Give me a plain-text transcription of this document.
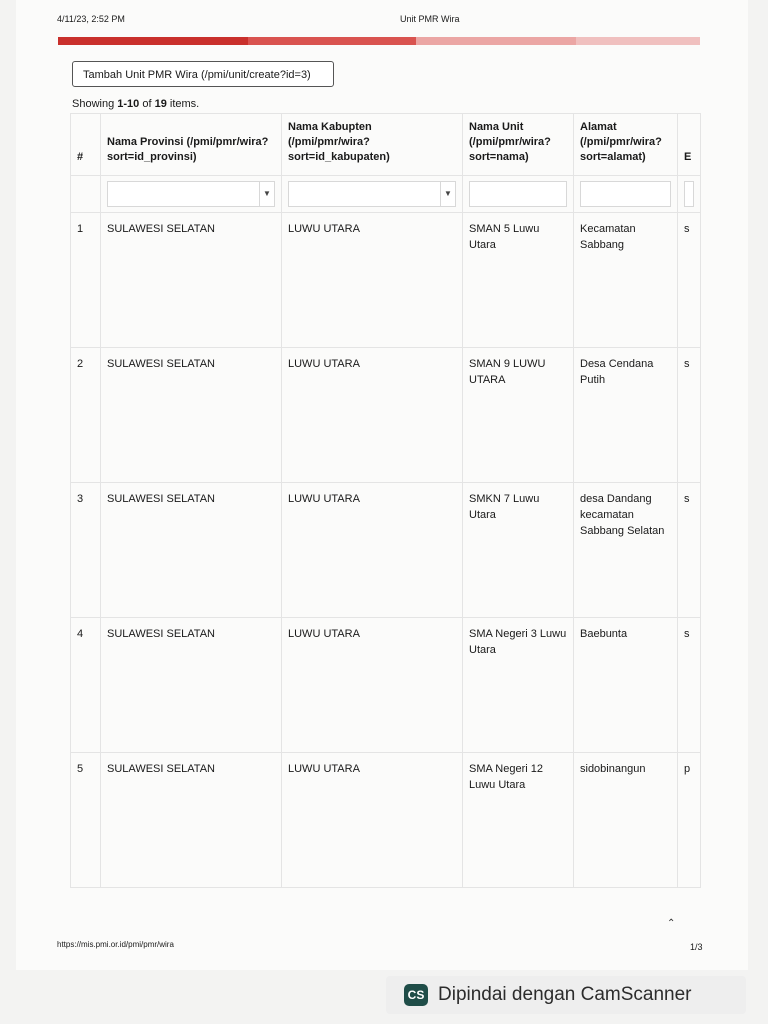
4/11/23, 2:52 PM	Unit PMR Wira
Tambah Unit PMR Wira (/pmi/unit/create?id=3)
Showing 1-10 of 19 items.
#	Nama Provinsi (/pmi/pmr/wira?sort=id_provinsi)	Nama Kabupten (/pmi/pmr/wira?sort=id_kabupaten)	Nama Unit (/pmi/pmr/wira?sort=nama)	Alamat (/pmi/pmr/wira?sort=alamat)	E

	▼	▼			

1	SULAWESI SELATAN	LUWU UTARA	SMAN 5 Luwu Utara	Kecamatan Sabbang	s
2	SULAWESI SELATAN	LUWU UTARA	SMAN 9 LUWU UTARA	Desa Cendana Putih	s
3	SULAWESI SELATAN	LUWU UTARA	SMKN 7 Luwu Utara	desa Dandang kecamatan Sabbang Selatan	s
4	SULAWESI SELATAN	LUWU UTARA	SMA Negeri 3 Luwu Utara	Baebunta	s
5	SULAWESI SELATAN	LUWU UTARA	SMA Negeri 12 Luwu Utara	sidobinangun	p
⌃
https://mis.pmi.or.id/pmi/pmr/wira	1/3
CS Dipindai dengan CamScanner
